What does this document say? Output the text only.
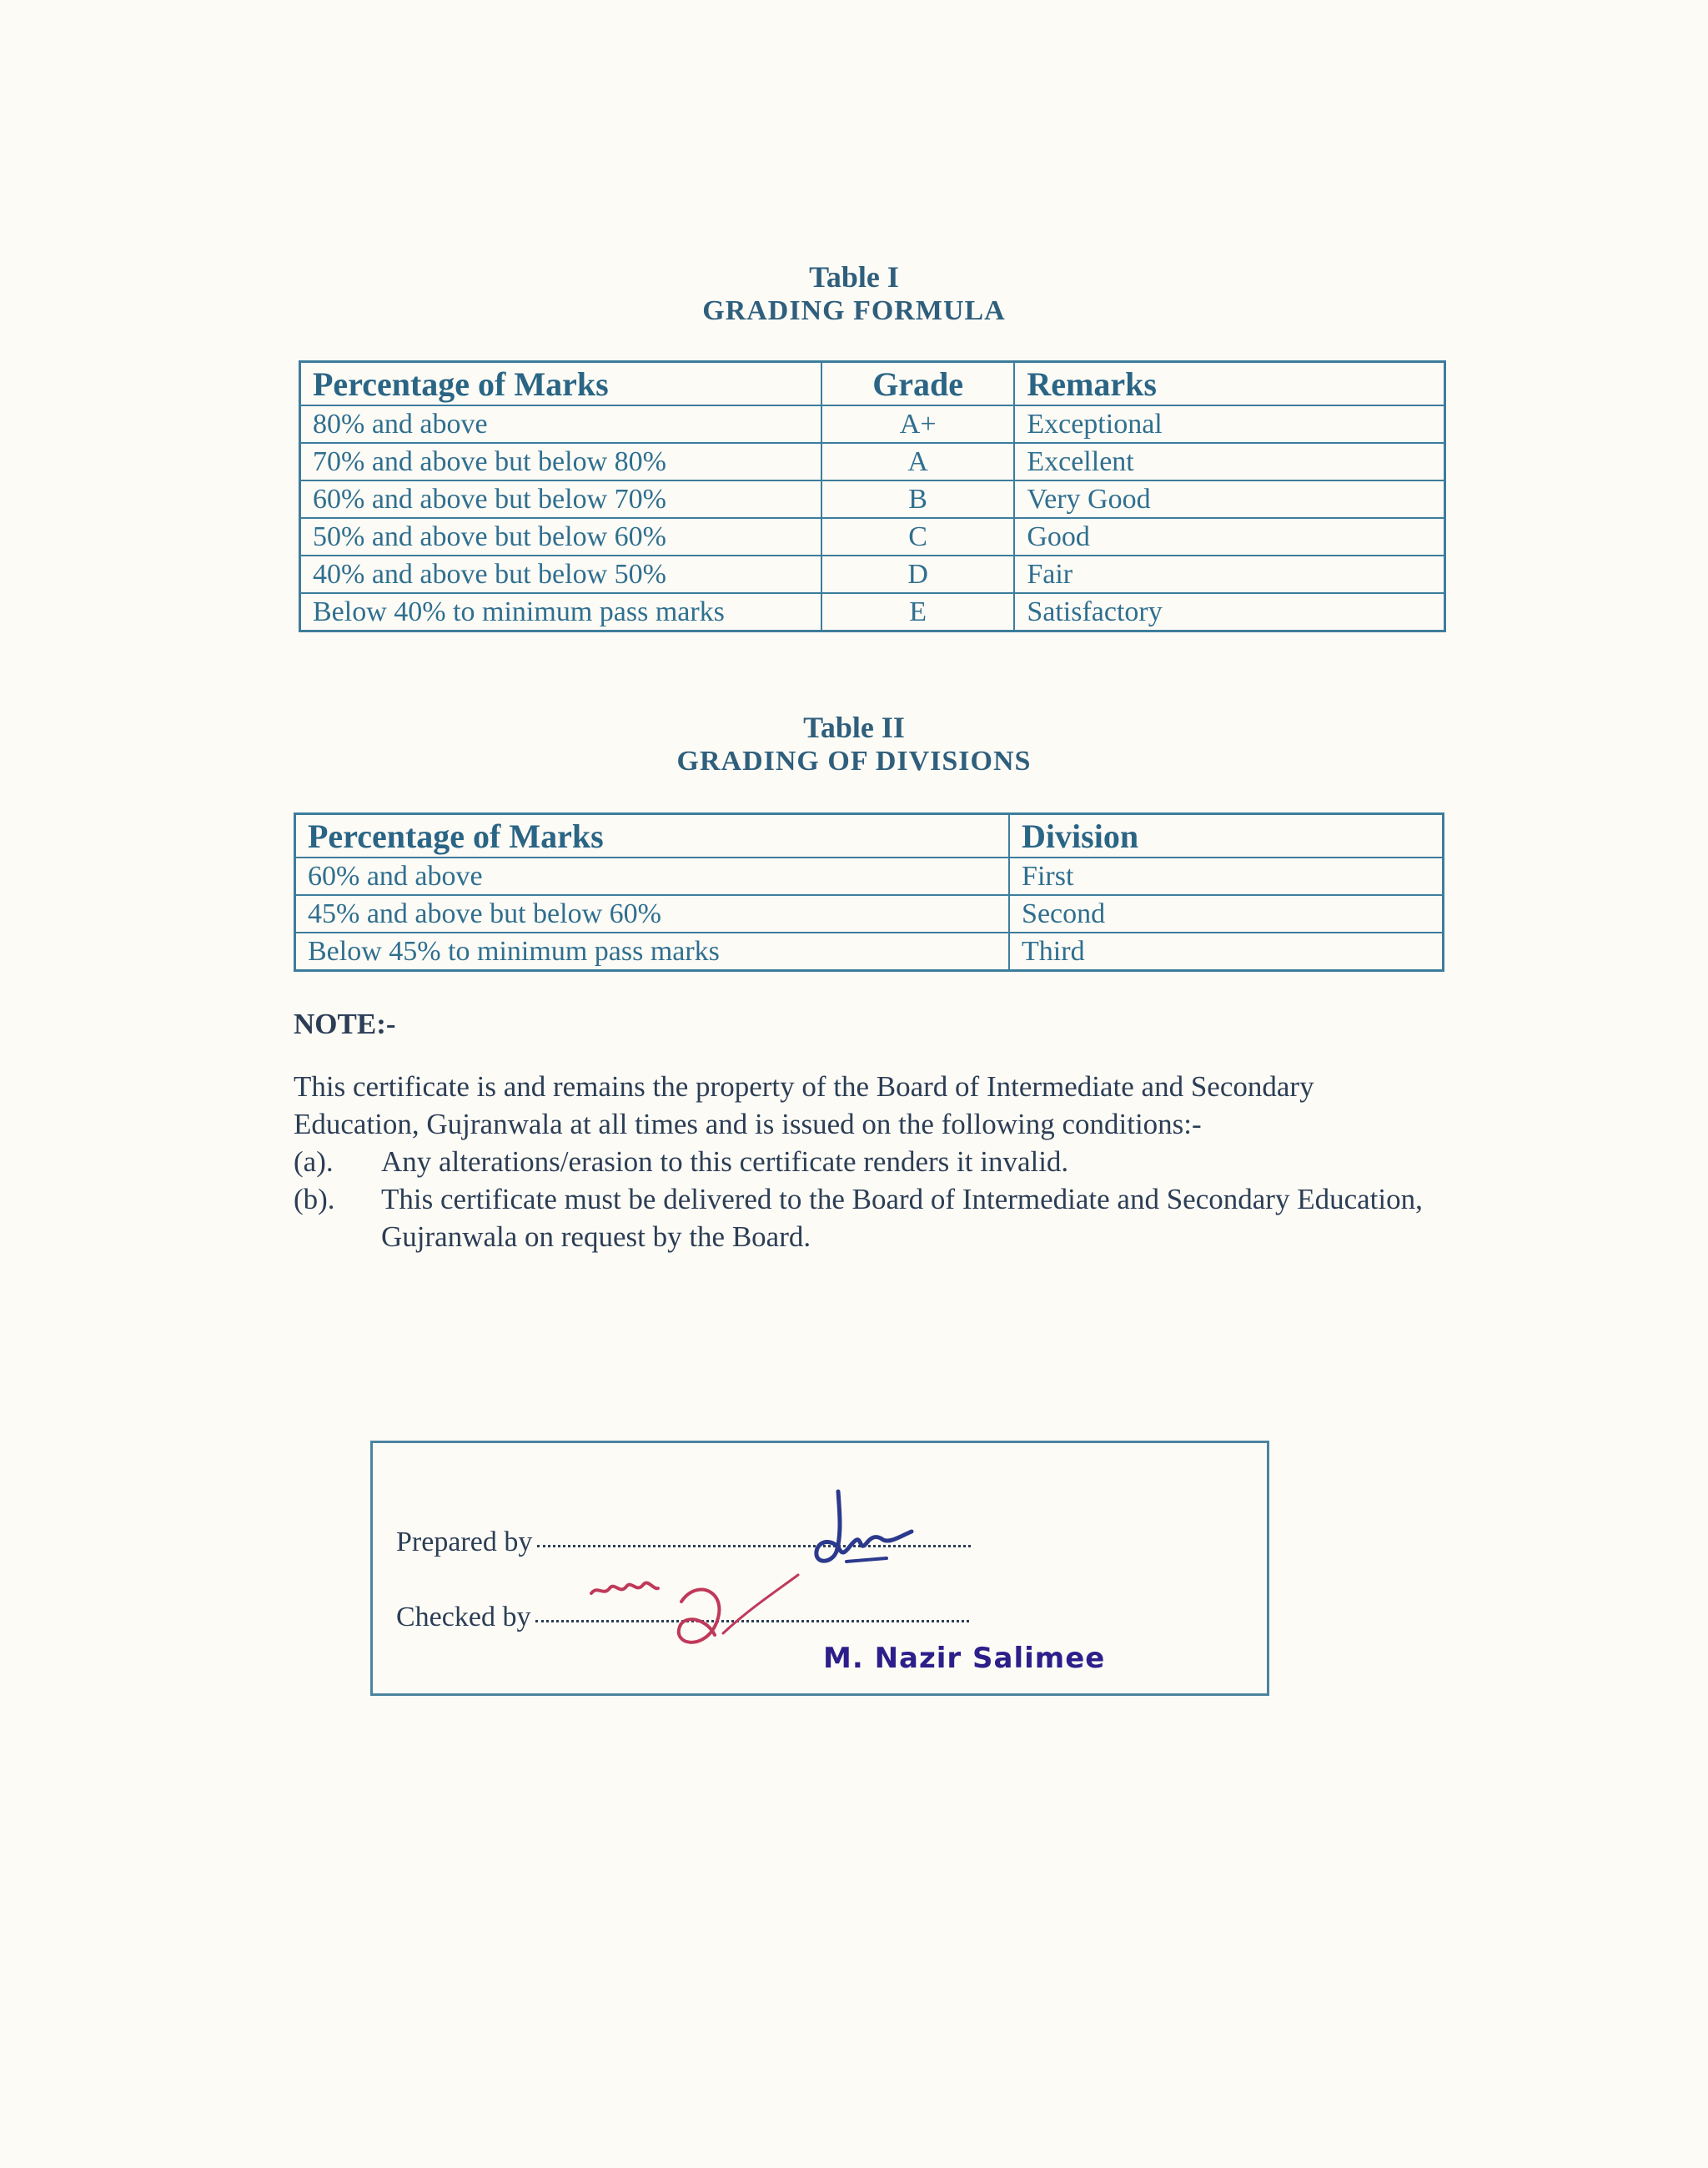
Table I
GRADING FORMULA
Percentage of Marks	Grade	Remarks
80% and above	A+	Exceptional
70% and above but below 80%	A	Excellent
60% and above but below 70%	B	Very Good
50% and above but below 60%	C	Good
40% and above but below 50%	D	Fair
Below 40% to minimum pass marks	E	Satisfactory
Table II
GRADING OF DIVISIONS
Percentage of Marks	Division
60% and above	First
45% and above but below 60%	Second
Below 45% to minimum pass marks	Third
NOTE:-

This certificate is and remains the property of the Board of Intermediate and Secondary Education, Gujranwala at all times and is issued on the following conditions:-

(a).	Any alterations/erasion to this certificate renders it invalid.
(b).	This certificate must be delivered to the Board of Intermediate and Secondary Education, Gujranwala on request by the Board.
Prepared by
Checked by
M. Nazir Salimee
